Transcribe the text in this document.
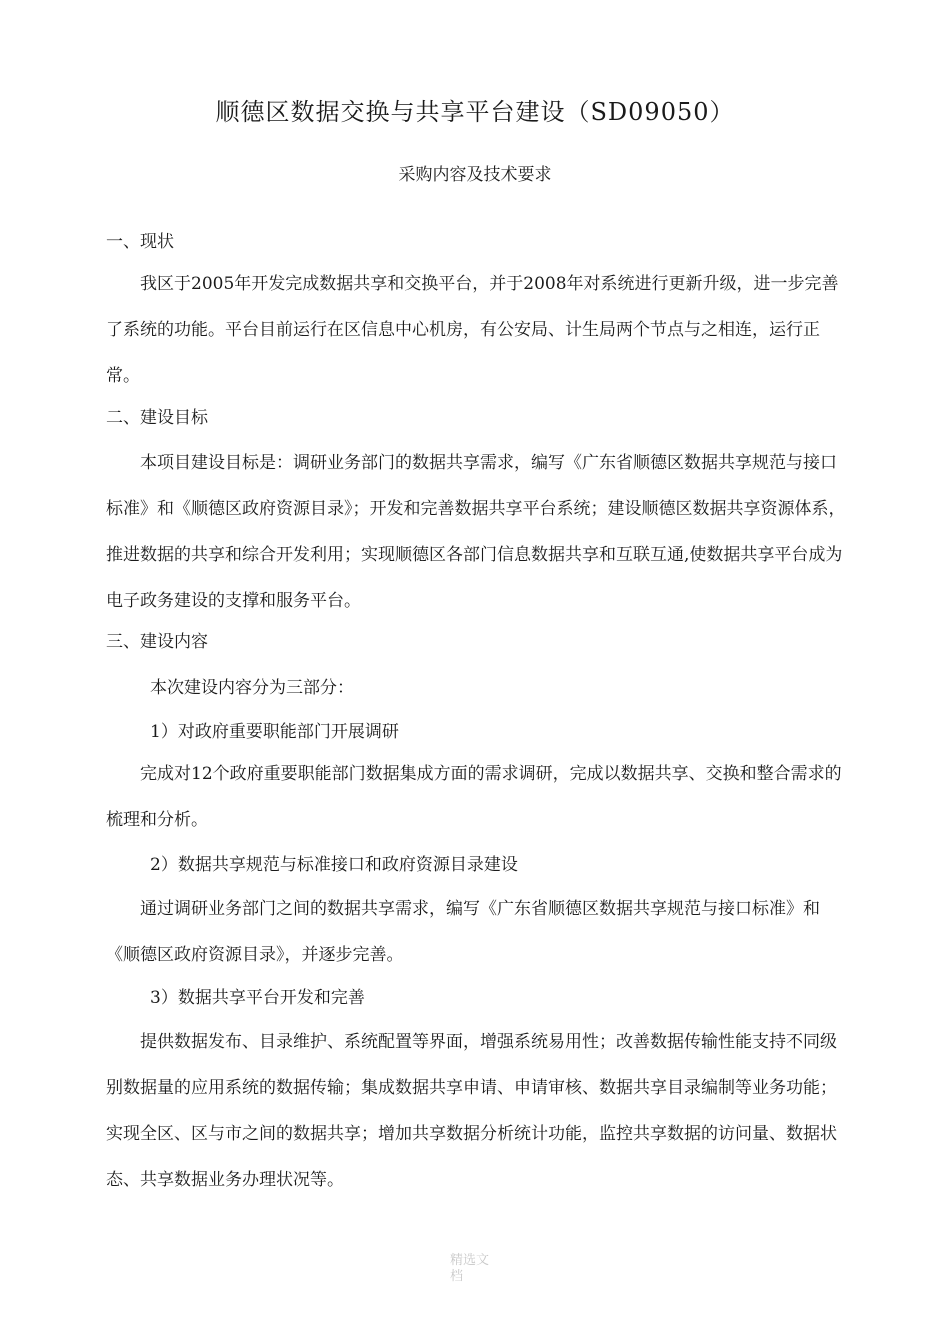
顺德区数据交换与共享平台建设（SD09050）
采购内容及技术要求
一、现状
我区于2005年开发完成数据共享和交换平台，并于2008年对系统进行更新升级，进一步完善了系统的功能。平台目前运行在区信息中心机房，有公安局、计生局两个节点与之相连，运行正常。
二、建设目标
本项目建设目标是：调研业务部门的数据共享需求，编写《广东省顺德区数据共享规范与接口标准》和《顺德区政府资源目录》；开发和完善数据共享平台系统；建设顺德区数据共享资源体系，推进数据的共享和综合开发利用；实现顺德区各部门信息数据共享和互联互通,使数据共享平台成为电子政务建设的支撑和服务平台。
三、建设内容
本次建设内容分为三部分：
1）对政府重要职能部门开展调研
完成对12个政府重要职能部门数据集成方面的需求调研，完成以数据共享、交换和整合需求的梳理和分析。
2）数据共享规范与标准接口和政府资源目录建设
通过调研业务部门之间的数据共享需求，编写《广东省顺德区数据共享规范与接口标准》和《顺德区政府资源目录》，并逐步完善。
3）数据共享平台开发和完善
提供数据发布、目录维护、系统配置等界面，增强系统易用性；改善数据传输性能支持不同级别数据量的应用系统的数据传输；集成数据共享申请、申请审核、数据共享目录编制等业务功能；实现全区、区与市之间的数据共享；增加共享数据分析统计功能，监控共享数据的访问量、数据状态、共享数据业务办理状况等。
精选文档
